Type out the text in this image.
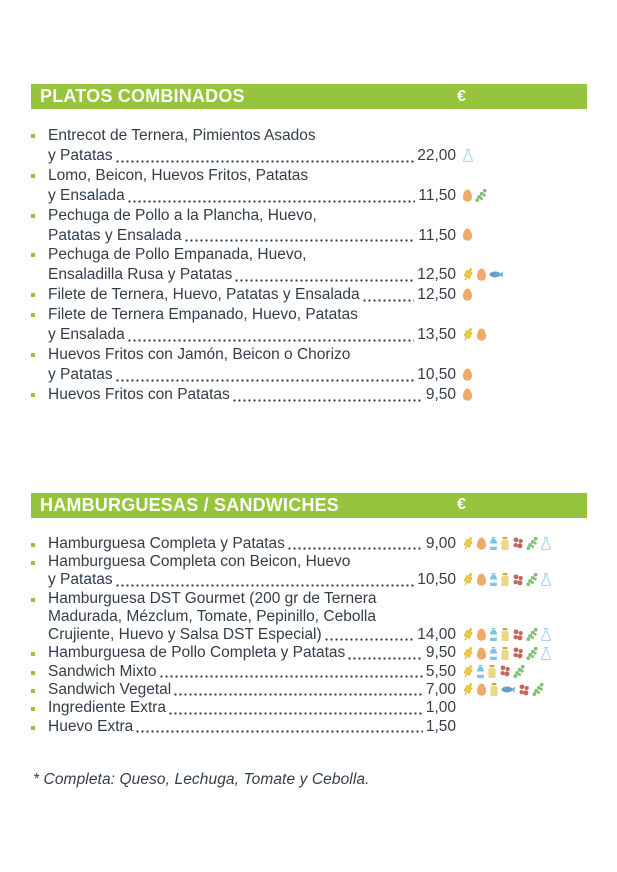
PLATOS COMBINADOS	€
Entrecot de Ternera, Pimientos Asados
y Patatas	22,00
Lomo, Beicon, Huevos Fritos, Patatas
y Ensalada	11,50
Pechuga de Pollo a la Plancha, Huevo,
Patatas y Ensalada	11,50
Pechuga de Pollo Empanada, Huevo,
Ensaladilla Rusa y Patatas	12,50
Filete de Ternera, Huevo, Patatas y Ensalada	12,50
Filete de Ternera Empanado, Huevo, Patatas
y Ensalada	13,50
Huevos Fritos con Jamón, Beicon o Chorizo
y Patatas	10,50
Huevos Fritos con Patatas	9,50
HAMBURGUESAS / SANDWICHES	€
Hamburguesa Completa y Patatas	9,00
Hamburguesa Completa con Beicon, Huevo
y Patatas	10,50
Hamburguesa DST Gourmet (200 gr de Ternera
Madurada, Mézclum, Tomate, Pepinillo, Cebolla
Crujiente, Huevo y Salsa DST Especial)	14,00
Hamburguesa de Pollo Completa y Patatas	9,50
Sandwich Mixto	5,50
Sandwich Vegetal	7,00
Ingrediente Extra	1,00
Huevo Extra	1,50

* Completa: Queso, Lechuga, Tomate y Cebolla.
